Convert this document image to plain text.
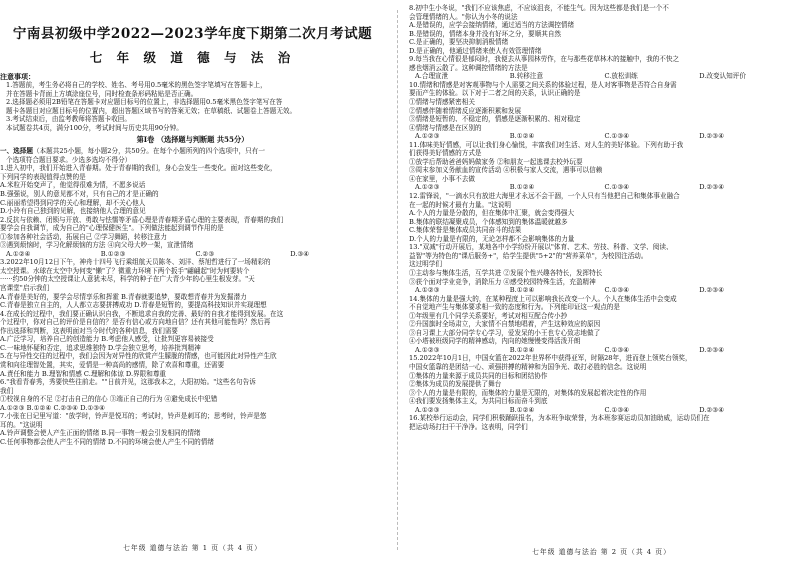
宁南县初级中学2022—2023学年度下期第二次月考试题
七 年 级 道 德 与 法 治
注意事项：
1.答题前，考生务必将自己的学校、姓名、考号用0.5毫米的黑色签字笔填写在答题卡上，
并在答题卡背面上方填涂座位号，同时检查条形码粘贴是否正确。
2.选择题必须用2B铅笔在答题卡对应题目标号的位置上，非选择题用0.5毫米黑色签字笔写在答
题卡各题目对应题目标号的位置内，超出答题区域书写的答案无效；在草稿纸、试题卷上答题无效。
3.考试结束后，由监考教师将答题卡收回。
本试题卷共4页，满分100分，考试时间与历史共用90分钟。
第Ⅰ卷 （选择题与判断题 共55分）
一、选择题（本题共25小题，每小题2分，共50分。在每个小题所列的四个选项中，只有一
个选项符合题目要求。少选多选均不得分）
1.进入初中，我们开始进入青春期。处于青春期的我们，身心会发生一些变化。面对这些变化，
下列同学的表现值得点赞的是
A.米粒开始变声了，他觉得很难为情，不愿多说话
B.强强说，别人的意见都不对，只有自己的才是正确的
C.丽丽希望得到同学的关心和理解，却不关心他人
D.小玲有自己独到的见解，也接纳他人合理的意见
2.反抗与依赖、闭锁与开放、勇敢与怯懦等矛盾心理是青春期矛盾心理的主要表现，青春期的我们
要学会自我调节，成为自己的"心理保健医生"。下列做法能起到调节作用的是
①参加各种社会活动，拓展自己 ②学习舞蹈，转移注意力
③遇到烦恼时，学习化解烦恼的方法 ④向父母大吵一架，宣泄情绪
A.①②④	B.①②③	C.②③	D.③④
3.2022年10月12日下午，神舟十四号飞行乘组航天员陈冬、刘洋、蔡旭哲进行了一场精彩的
太空授课。水球在太空中为何变"懒"了？微重力环境下两个扳手"翩翩起"时为何要转个
······约50分钟的太空授课让人意犹未尽，科学的种子在广大青少年的心里生根发芽。"天
宫课堂"启示我们
A.青春是美好的，要学会尽情享乐和挥霍 B.青春就要追梦，要敢想青春并为发掘潜力
C.青春是独立自主的，人人都立志要拼搏成功 D.青春是短暂的，要提高科技知识并实现理想
4.在成长的过程中，我们要正确认识自我，不断追求自我的完善、最好的自我才能得到发展。在这
个过程中，你对自己的评价是自信的？是否有信心或方向地自信？还有其他可能性吗？然后再
作出选择和判断，这表明面对当今时代的各种信息，我们需要
A.广泛学习，培养自己的创造能力 B.考虑他人感受，让批判更容易被接受
C.一味地怀疑和否定，追求思维独特 D.学会独立思考，培养批判精神
5.在与异性交往的过程中，我们会因为对异性的欣赏产生朦胧的情感，也可能因此对异性产生欣
赏和向往理智处置，其实，爱情是一种高尚的感情，除了欢喜和尊重，还需要
A.責任和能力 B.理智和情感 C.理解和体谅 D.界限和尊重
6."我看青春秀，秀要快些往前走。""日前并见，这那我本之，大阳初始。"这些名句告诉
我们
①校视自身的不足 ②打击自己的信心 ③端正自己的行为 ④避免成长中犯错
A.①②③ B.①②④ C.②③④ D.①③④
7.小张在日记里写道："放学时，铃声是悦耳的；考试时，铃声是刺耳的；思考时，铃声是悠
耳的。"这说明
A.铃声调整会使人产生正面的情绪 B.同一事物一般会引发相同的情绪
C.任何事物都会使人产生不同的情绪 D.不同的环境会使人产生不同的情绪
七年级 道德与法治 第 1 页（共 4 页）
8.初中生小冬说，"我们不应该焦虑，不应该沮丧，不能生气。因为这些都是我们是一个不
会管理情绪的人。"你认为小冬的说法
A.是错误的，应学会接纳情绪，通过适当的方法调控情绪
B.是错误的，情绪本身并没有好坏之分，要顺其自然
C.是正确的，要坚决抑制消极情绪
D.是正确的，他通过情绪来使人有效管理情绪
9.每当我在心情很是郁闷时，我便去从事园林劳作，在与那些花草林木的接触中，我的不快之
感也烟消云散了。这种调控情绪的方法是
A.合理宣泄	B.转移注意	C.放松训练	D.改变认知评价
10.情绪和情感是对客观事物与个人需要之间关系的体验过程，是人对客事物是否符合自身需
要而产生的体验。以下对于二者之间的关系，认识正确的是
①情绪与情感紧密相关
②情感伴随着情绪反应逐渐积累和发展
③情绪是短暂的、不稳定的，情感是逐渐积累的、相对稳定
④情绪与情感是在区别的
A.①②③	B.①②④	C.①③④	D.②③④
11.体味美好情感，可以让我们身心愉悦，丰富我们对生活、对人生的美好体验。下列有助于我
们获得美好情感的方式是
①放学后帮助爸爸妈妈做家务 ②和朋友一起逃课去校外玩耍
③周末参加义务献血的宣传活动 ④积极与家人交流，遇事可以信赖
④在家里，小事不去做
A.①②③	B.①②④	C.①③④	D.②③④
12.雷锋说，"一滴水只有放进大海里才永远不会干涸，一个人只有当他把自己和集体事业融合
在一起的时候才最有力量。"这说明
A.个人的力量是分散的，但在集体中汇聚，就会变得强大
B.集体的联结凝聚成员，个体感知到的集体温暖就越多
C.集体荣誉是集体成员共同奋斗的结果
D.个人的力量是有限的，无论怎样都不会影响集体的力量
13."双减"行动开展后，某地各中小学纷纷开展以"体育、艺术、劳技、科普、文学、阅读、
益智"等为特色的"课后服务+"，给学生提供"5+2"的"营养菜单"，为校园注活动。
这过明学们
①主动参与集体生活，互学共进 ②发展个性兴趣各特长，发挥特长
③获个面对学业竞争，消除压力 ④感受校园特殊生活，充盈精神
A.①②③	B.①②④	C.①③④	D.②③④
14.集体的力量是强大的，在某种程度上可以影响我长改变一个人。个人在集体生活中会变成
不自觉地产生与集体要求相一致的态度和行为。下列能印证这一观点的是
①年级里有几个同学关系要好，考试对相互配合传小抄
②升国旗时全场肃立，大家情不自禁地唱着，产生这种效应的原因
③自习课上大部分同学专心学习，爱发呆的小王也专心致志地做了
④小塔被班级同学的精神感动，内向的她慢慢变得活泼开朗
A.①②③	B.①②④	C.①③④	D.②③④
15.2022年10月1日，中国女篮在2022年世界杯中获得亚军，时隔28年，进而登上领奖台领奖，
中国女篮靠的是团结一心、顽强拼搏的精神和为国争光、敢打必胜的信念。这说明
①集体的力量来源于成员共同的目标和团结协作
②集体为成员的发展提供了舞台
③个人的力量是有限的，而集体的力量是无限的，对集体的发展起着决定性的作用
④我们要发扬集体主义，为共同目标而奋斗到底
A.①②③	B.①②④	C.①③④	D.②③④
16.某校举行运动会，同学们积极踊跃报名，为本班争取荣誉，为本班参赛运动员加油助威，运动员们在
把运动场打扫干干净净。这表明，同学们
七年级 道德与法治 第 2 页（共 4 页）
